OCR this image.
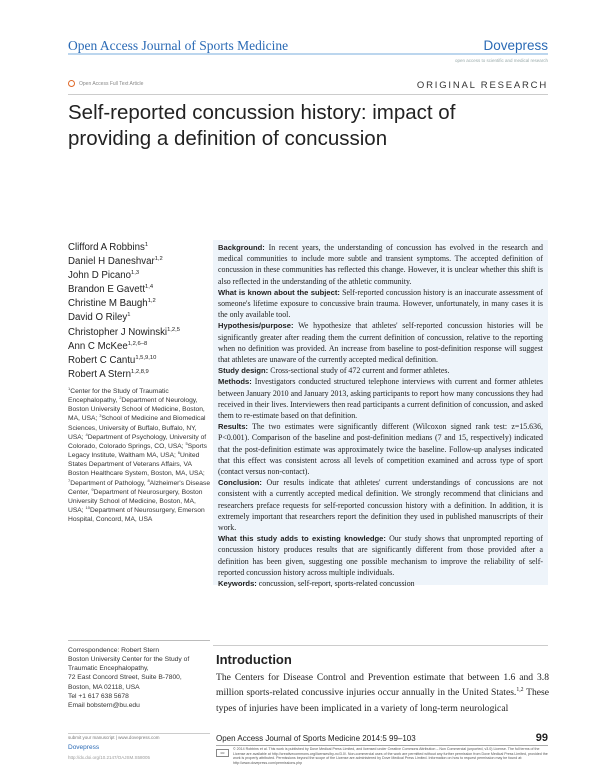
Open Access Journal of Sports Medicine	Dovepress
open access to scientific and medical research
Open Access Full Text Article	ORIGINAL RESEARCH
Self-reported concussion history: impact of providing a definition of concussion
Clifford A Robbins$^1$
Daniel H Daneshvar$^{1,2}$
John D Picano$^{1,3}$
Brandon E Gavett$^{1,4}$
Christine M Baugh$^{1,2}$
David O Riley$^1$
Christopher J Nowinski$^{1,2,5}$
Ann C McKee$^{1,2,6-8}$
Robert C Cantu$^{1,5,9,10}$
Robert A Stern$^{1,2,8,9}$
$^1$Center for the Study of Traumatic Encephalopathy, $^2$Department of Neurology, Boston University School of Medicine, Boston, MA, USA; $^3$School of Medicine and Biomedical Sciences, University of Buffalo, Buffalo, NY, USA; $^4$Department of Psychology, University of Colorado, Colorado Springs, CO, USA; $^5$Sports Legacy Institute, Waltham MA, USA; $^6$United States Department of Veterans Affairs, VA Boston Healthcare System, Boston, MA, USA; $^7$Department of Pathology, $^8$Alzheimer's Disease Center, $^9$Department of Neurosurgery, Boston University School of Medicine, Boston, MA, USA; $^{10}$Department of Neurosurgery, Emerson Hospital, Concord, MA, USA
Correspondence: Robert Stern
Boston University Center for the Study of Traumatic Encephalopathy,
72 East Concord Street, Suite B-7800,
Boston, MA 02118, USA
Tel +1 617 638 5678
Email bobstern@bu.edu

Background: In recent years, the understanding of concussion has evolved in the research and medical communities to include more subtle and transient symptoms. The accepted definition of concussion in these communities has reflected this change. However, it is unclear whether this shift is also reflected in the understanding of the athletic community.

What is known about the subject: Self-reported concussion history is an inaccurate assessment of someone's lifetime exposure to concussive brain trauma. However, unfortunately, in many cases it is the only available tool.

Hypothesis/purpose: We hypothesize that athletes' self-reported concussion histories will be significantly greater after reading them the current definition of concussion, relative to the reporting when no definition was provided. An increase from baseline to post-definition response will suggest that athletes are unaware of the currently accepted medical definition.

Study design: Cross-sectional study of 472 current and former athletes.

Methods: Investigators conducted structured telephone interviews with current and former athletes between January 2010 and January 2013, asking participants to report how many concussions they had received in their lives. Interviewers then read participants a current definition of concussion, and asked them to re-estimate based on that definition.

Results: The two estimates were significantly different (Wilcoxon signed rank test: z=15.636, P<0.001). Comparison of the baseline and post-definition medians (7 and 15, respectively) indicated that the post-definition estimate was approximately twice the baseline. Follow-up analyses indicated that this effect was consistent across all levels of competition examined and across type of sport (contact versus non-contact).

Conclusion: Our results indicate that athletes' current understandings of concussions are not consistent with a currently accepted medical definition. We strongly recommend that clinicians and researchers preface requests for self-reported concussion history with a definition. In addition, it is extremely important that researchers report the definition they used in published manuscripts of their work.

What this study adds to existing knowledge: Our study shows that unprompted reporting of concussion history produces results that are significantly different from those provided after a definition has been given, suggesting one possible mechanism to improve the reliability of self-reported concussion history across multiple individuals.

Keywords: concussion, self-report, sports-related concussion

Introduction
The Centers for Disease Control and Prevention estimate that between 1.6 and 3.8 million sports-related concussive injuries occur annually in the United States.$^{1,2}$ These types of injuries have been implicated in a variety of long-term neurological
submit your manuscript | www.dovepress.com
Dovepress
http://dx.doi.org/10.2147/OAJSM.S58005
Open Access Journal of Sports Medicine 2014:5 99–103	99
cc
© 2014 Robbins et al. This work is published by Dove Medical Press Limited, and licensed under Creative Commons Attribution – Non Commercial (unported, v3.0) License. The full terms of the License are available at http://creativecommons.org/licenses/by-nc/3.0/. Non-commercial uses of the work are permitted without any further permission from Dove Medical Press Limited, provided the work is properly attributed. Permissions beyond the scope of the License are administered by Dove Medical Press Limited. Information on how to request permission may be found at: http://www.dovepress.com/permissions.php
